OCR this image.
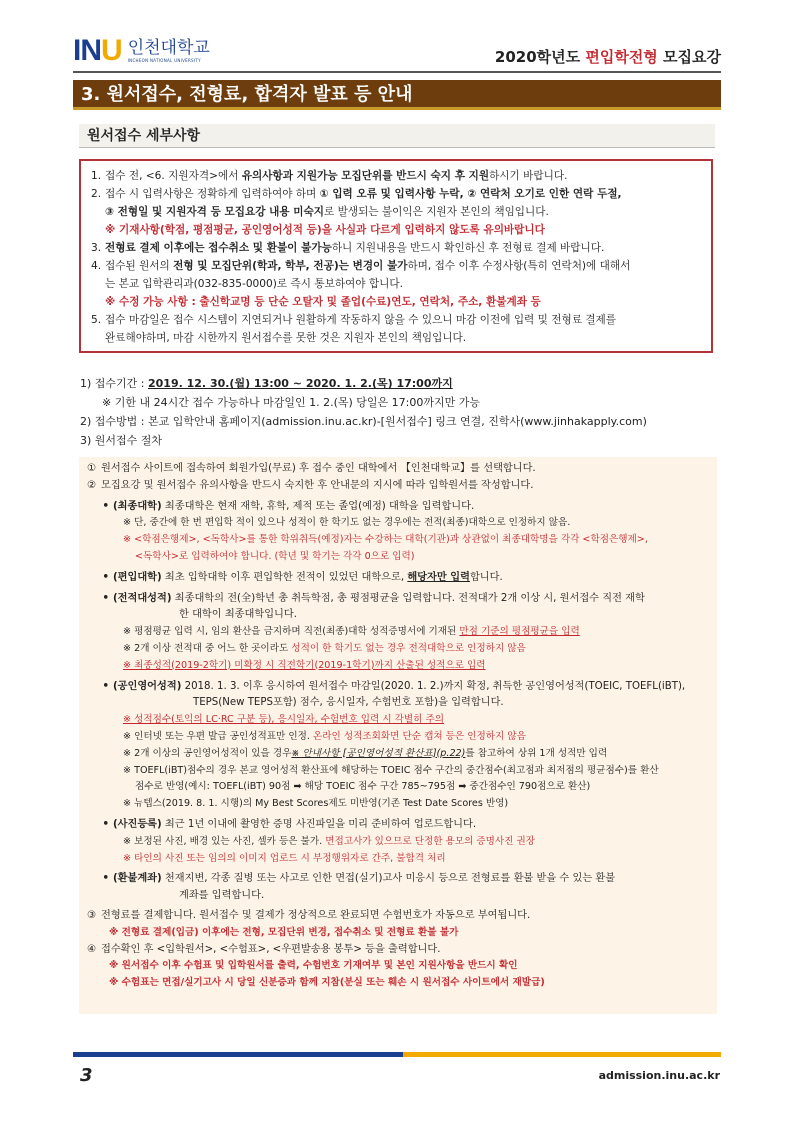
INU 인천대학교
INCHEON NATIONAL UNIVERSITY	2020학년도 편입학전형 모집요강
3. 원서접수, 전형료, 합격자 발표 등 안내
원서접수 세부사항
1. 접수 전, <6. 지원자격>에서 유의사항과 지원가능 모집단위를 반드시 숙지 후 지원하시기 바랍니다.
2. 접수 시 입력사항은 정확하게 입력하여야 하며 ① 입력 오류 및 입력사항 누락, ② 연락처 오기로 인한 연락 두절,
③ 전형일 및 지원자격 등 모집요강 내용 미숙지로 발생되는 불이익은 지원자 본인의 책임입니다.
※ 기재사항(학점, 평점평균, 공인영어성적 등)을 사실과 다르게 입력하지 않도록 유의바랍니다
3. 전형료 결제 이후에는 접수취소 및 환불이 불가능하니 지원내용을 반드시 확인하신 후 전형료 결제 바랍니다.
4. 접수된 원서의 전형 및 모집단위(학과, 학부, 전공)는 변경이 불가하며, 접수 이후 수정사항(특히 연락처)에 대해서
는 본교 입학관리과(032-835-0000)로 즉시 통보하여야 합니다.
※ 수정 가능 사항 : 출신학교명 등 단순 오탈자 및 졸업(수료)연도, 연락처, 주소, 환불계좌 등
5. 접수 마감일은 접수 시스템이 지연되거나 원활하게 작동하지 않을 수 있으니 마감 이전에 입력 및 전형료 결제를
완료해야하며, 마감 시한까지 원서접수를 못한 것은 지원자 본인의 책임입니다.
1) 접수기간 : 2019. 12. 30.(월) 13:00 ~ 2020. 1. 2.(목) 17:00까지
※ 기한 내 24시간 접수 가능하나 마감일인 1. 2.(목) 당일은 17:00까지만 가능
2) 접수방법 : 본교 입학안내 홈페이지(admission.inu.ac.kr)-[원서접수] 링크 연결, 진학사(www.jinhakapply.com)
3) 원서접수 절차
① 원서접수 사이트에 접속하여 회원가입(무료) 후 접수 중인 대학에서 【인천대학교】를 선택합니다.
② 모집요강 및 원서접수 유의사항을 반드시 숙지한 후 안내문의 지시에 따라 입학원서를 작성합니다.
• (최종대학) 최종대학은 현재 재학, 휴학, 제적 또는 졸업(예정) 대학을 입력합니다.
※ 단, 중간에 한 번 편입학 적이 있으나 성적이 한 학기도 없는 경우에는 전적(최종)대학으로 인정하지 않음.
※ <학점은행제>, <독학사>를 통한 학위취득(예정)자는 수강하는 대학(기관)과 상관없이 최종대학명을 각각 <학점은행제>,
<독학사>로 입력하여야 합니다. (학년 및 학기는 각각 0으로 입력)
• (편입대학) 최초 입학대학 이후 편입학한 전적이 있었던 대학으로, 해당자만 입력합니다.
• (전적대성적) 최종대학의 전(全)학년 총 취득학점, 총 평점평균을 입력합니다. 전적대가 2개 이상 시, 원서접수 직전 재학
한 대학이 최종대학입니다.
※ 평점평균 입력 시, 임의 환산을 금지하며 직전(최종)대학 성적증명서에 기재된 만점 기준의 평점평균을 입력
※ 2개 이상 전적대 중 어느 한 곳이라도 성적이 한 학기도 없는 경우 전적대학으로 인정하지 않음
※ 최종성적(2019-2학기) 미확정 시 직전학기(2019-1학기)까지 산출된 성적으로 입력
• (공인영어성적) 2018. 1. 3. 이후 응시하여 원서접수 마감일(2020. 1. 2.)까지 확정, 취득한 공인영어성적(TOEIC, TOEFL(iBT),
TEPS(New TEPS포함) 점수, 응시일자, 수험번호 포함)을 입력합니다.
※ 성적점수(토익의 LC·RC 구분 등), 응시일자, 수험번호 입력 시 각별히 주의
※ 인터넷 또는 우편 발급 공인성적표만 인정. 온라인 성적조회화면 단순 캡쳐 등은 인정하지 않음
※ 2개 이상의 공인영어성적이 있을 경우※ 안내사항 [공인영어성적 환산표](p.22)를 참고하여 상위 1개 성적만 입력
※ TOEFL(iBT)점수의 경우 본교 영어성적 환산표에 해당하는 TOEIC 점수 구간의 중간점수(최고점과 최저점의 평균점수)를 환산
점수로 반영(예시: TOEFL(iBT) 90점 ➡ 해당 TOEIC 점수 구간 785~795점 ➡ 중간점수인 790점으로 환산)
※ 뉴텝스(2019. 8. 1. 시행)의 My Best Scores제도 미반영(기존 Test Date Scores 반영)
• (사진등록) 최근 1년 이내에 촬영한 증명 사진파일을 미리 준비하여 업로드합니다.
※ 보정된 사진, 배경 있는 사진, 셀카 등은 불가. 면접고사가 있으므로 단정한 용모의 증명사진 권장
※ 타인의 사진 또는 임의의 이미지 업로드 시 부정행위자로 간주, 불합격 처리
• (환불계좌) 천재지변, 각종 질병 또는 사고로 인한 면접(실기)고사 미응시 등으로 전형료를 환불 받을 수 있는 환불
계좌를 입력합니다.
③ 전형료를 결제합니다. 원서접수 및 결제가 정상적으로 완료되면 수험번호가 자동으로 부여됩니다.
※ 전형료 결제(입금) 이후에는 전형, 모집단위 변경, 접수취소 및 전형료 환불 불가
④ 접수확인 후 <입학원서>, <수험표>, <우편발송용 봉투> 등을 출력합니다.
※ 원서접수 이후 수험표 및 입학원서를 출력, 수험번호 기재여부 및 본인 지원사항을 반드시 확인
※ 수험표는 면접/실기고사 시 당일 신분증과 함께 지참(분실 또는 훼손 시 원서접수 사이트에서 재발급)
3	admission.inu.ac.kr
